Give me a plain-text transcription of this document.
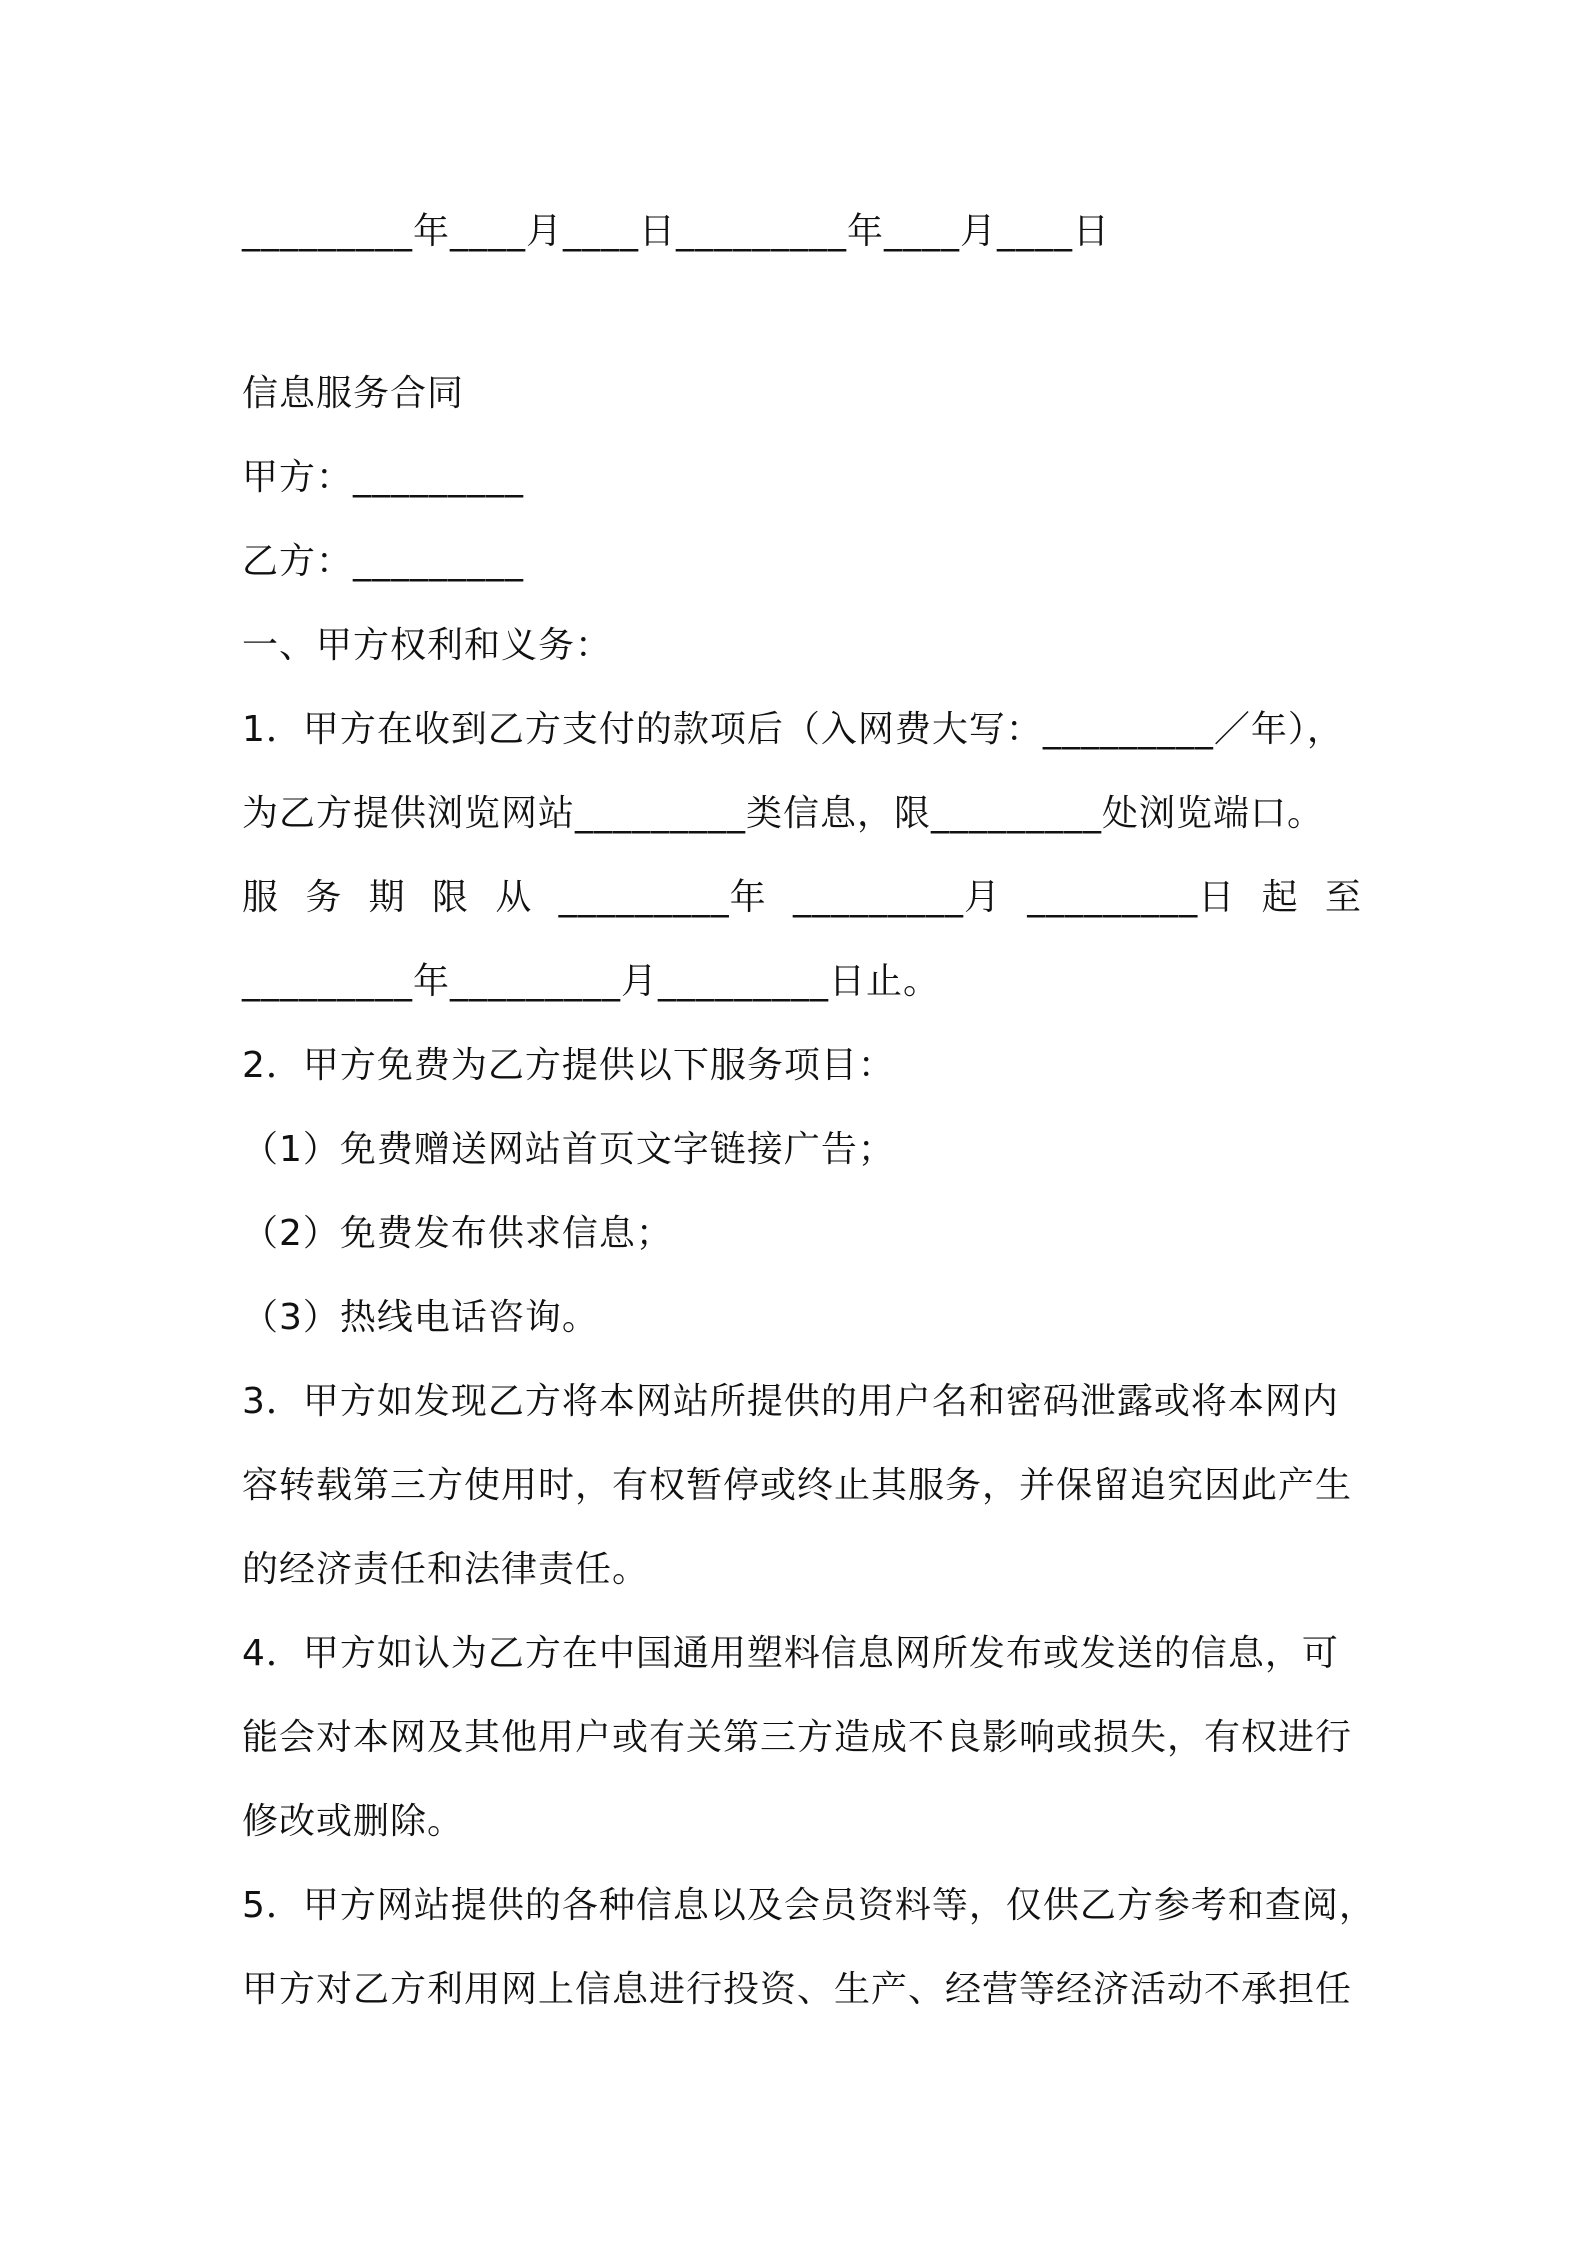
_________年____月____日_________年____月____日
信息服务合同
甲方：_________
乙方：_________
一、甲方权利和义务：
1．甲方在收到乙方支付的款项后（入网费大写：_________／年），
为乙方提供浏览网站_________类信息，限_________处浏览端口。
服 务 期 限 从 _________年 _________月 _________日 起 至
_________年_________月_________日止。
2．甲方免费为乙方提供以下服务项目：
（1）免费赠送网站首页文字链接广告；
（2）免费发布供求信息；
（3）热线电话咨询。
3．甲方如发现乙方将本网站所提供的用户名和密码泄露或将本网内
容转载第三方使用时，有权暂停或终止其服务，并保留追究因此产生
的经济责任和法律责任。
4．甲方如认为乙方在中国通用塑料信息网所发布或发送的信息，可
能会对本网及其他用户或有关第三方造成不良影响或损失，有权进行
修改或删除。
5．甲方网站提供的各种信息以及会员资料等，仅供乙方参考和查阅，
甲方对乙方利用网上信息进行投资、生产、经营等经济活动不承担任
